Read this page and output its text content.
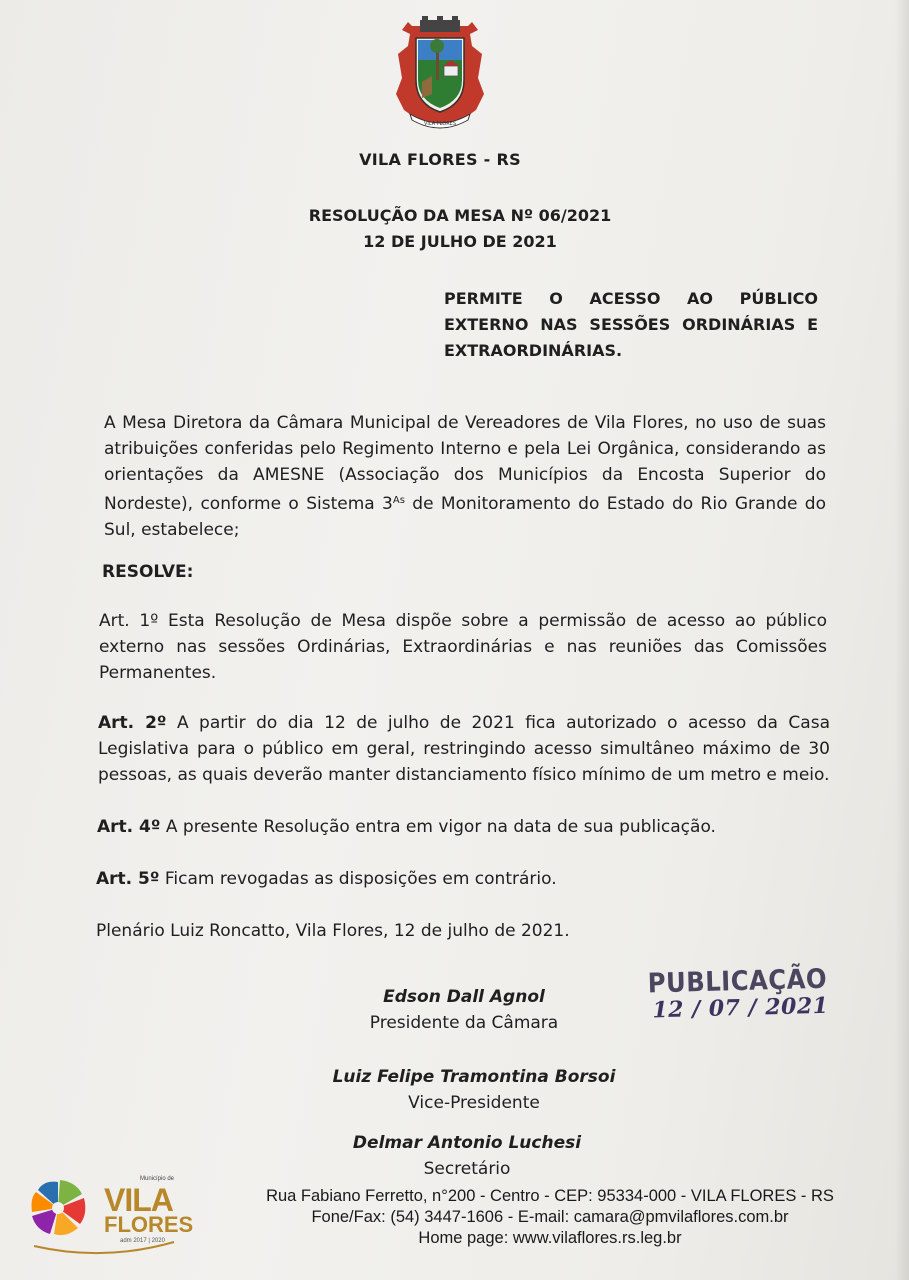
VILA FLORES
VILA FLORES - RS
RESOLUÇÃO DA MESA Nº 06/2021
12 DE JULHO DE 2021
PERMITE O ACESSO AO PÚBLICO EXTERNO NAS SESSÕES ORDINÁRIAS E EXTRAORDINÁRIAS.
A Mesa Diretora da Câmara Municipal de Vereadores de Vila Flores, no uso de suas atribuições conferidas pelo Regimento Interno e pela Lei Orgânica, considerando as orientações da AMESNE (Associação dos Municípios da Encosta Superior do Nordeste), conforme o Sistema $3^{As}$ de Monitoramento do Estado do Rio Grande do Sul, estabelece;
RESOLVE:
Art. 1º Esta Resolução de Mesa dispõe sobre a permissão de acesso ao público externo nas sessões Ordinárias, Extraordinárias e nas reuniões das Comissões Permanentes.
Art. 2º A partir do dia 12 de julho de 2021 fica autorizado o acesso da Casa Legislativa para o público em geral, restringindo acesso simultâneo máximo de 30 pessoas, as quais deverão manter distanciamento físico mínimo de um metro e meio.
Art. 4º A presente Resolução entra em vigor na data de sua publicação.
Art. 5º Ficam revogadas as disposições em contrário.
Plenário Luiz Roncatto, Vila Flores, 12 de julho de 2021.
Edson Dall Agnol
Presidente da Câmara
Luiz Felipe Tramontina Borsoi
Vice-Presidente
Delmar Antonio Luchesi
Secretário
PUBLICAÇÃO
12 / 07 / 2021
Município de
VILA
FLORES
adm 2017 | 2020
Rua Fabiano Ferretto, n°200 - Centro - CEP: 95334-000 - VILA FLORES - RS
Fone/Fax: (54) 3447-1606 - E-mail: camara@pmvilaflores.com.br
Home page: www.vilaflores.rs.leg.br
